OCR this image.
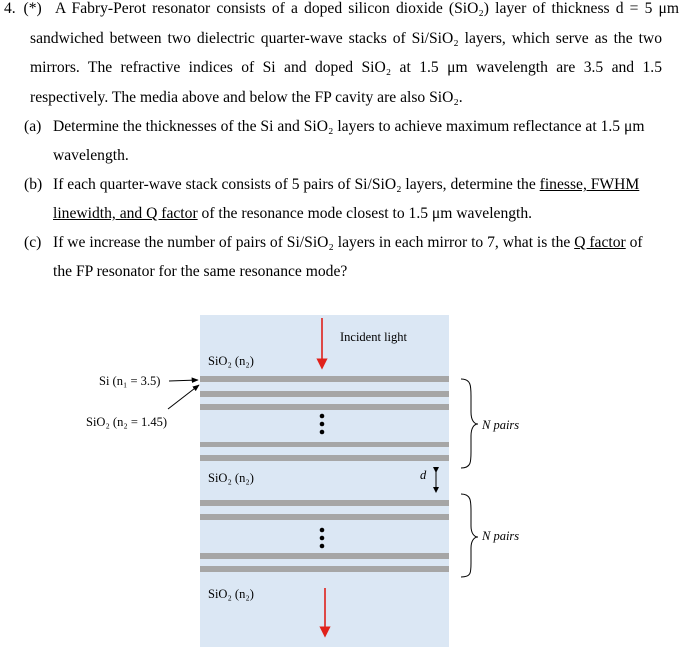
4. (*) A Fabry-Perot resonator consists of a doped silicon dioxide (SiO₂) layer of thickness d = 5 μm
sandwiched between two dielectric quarter-wave stacks of Si/SiO₂ layers, which serve as the two
mirrors. The refractive indices of Si and doped SiO₂ at 1.5 μm wavelength are 3.5 and 1.5
respectively. The media above and below the FP cavity are also SiO₂.
(a) Determine the thicknesses of the Si and SiO₂ layers to achieve maximum reflectance at 1.5 μm
wavelength.
(b) If each quarter-wave stack consists of 5 pairs of Si/SiO₂ layers, determine the finesse, FWHM
linewidth, and Q factor of the resonance mode closest to 1.5 μm wavelength.
(c) If we increase the number of pairs of Si/SiO₂ layers in each mirror to 7, what is the Q factor of
the FP resonator for the same resonance mode?
Incident light
SiO₂ (n₂)
SiO₂ (n₂)
SiO₂ (n₂)
Si (n₁ = 3.5)
SiO₂ (n₂ = 1.45)
d
N pairs
N pairs
